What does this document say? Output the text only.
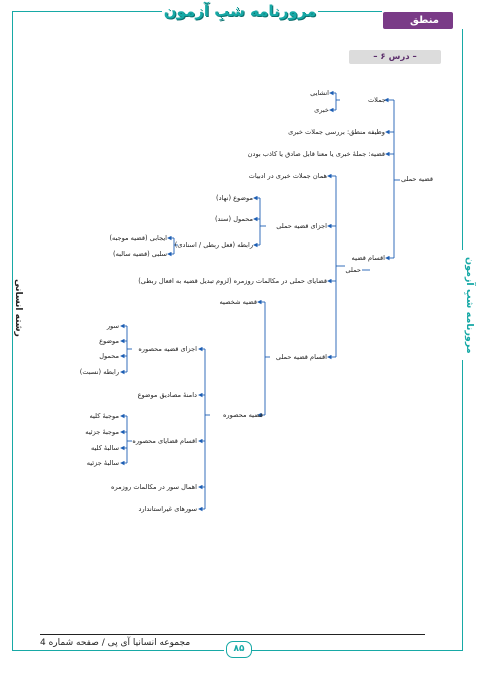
مرورنامه شبِ آزمون
منطق
– درس ۶ –
رشته انسانی	مرورنامه شبِ آزمون
قضیه حملی
جملات
انشایی
خبری
وظیفه منطق: بررسی جملات خبری
قضیه: جملهٔ خبری یا معنا قابل صادق یا کاذب بودن
اقسام قضیه
حملی
همان جملات خبری در ادبیات
اجزای قضیه حملی
قضایای حملی در مکالمات روزمره (لزوم تبدیل قضیه به افعال ربطی)
اقسام قضیه حملی
موضوع (نهاد)
محمول (سند)
رابطه (فعل ربطی / اسنادی)
ایجابی (قضیه موجبه)
سلبی (قضیه سالبه)
قضیه شخصیه
قضیه محصوره
اجزای قضیه محصوره
دامنهٔ مصادیق موضوع
اقسام قضایای محصوره
اهمال سور در مکالمات روزمره
سورهای غیراستاندارد
سور
موضوع
محمول
رابطه (نسبت)
موجبهٔ کلیه
موجبهٔ جزئیه
سالبهٔ کلیه
سالبهٔ جزئیه
مجموعه انسانیا آی پی / صفحه شماره 4
۸۵
